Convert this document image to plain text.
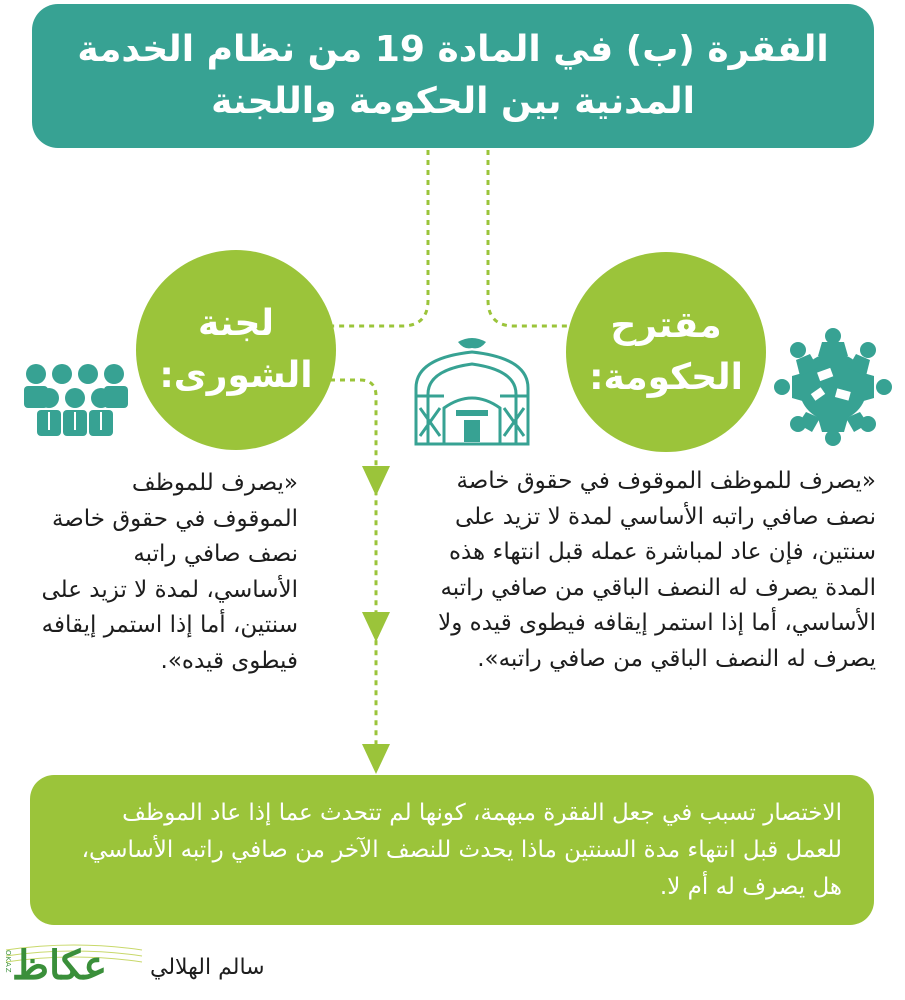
الفقرة (ب) في المادة 19 من نظام الخدمة
المدنية بين الحكومة واللجنة
مقترح
الحكومة:
لجنة
الشورى:
«يصرف للموظف الموقوف في حقوق خاصة نصف صافي راتبه الأساسي لمدة لا تزيد على سنتين، فإن عاد لمباشرة عمله قبل انتهاء هذه المدة يصرف له النصف الباقي من صافي راتبه الأساسي، أما إذا استمر إيقافه فيطوى قيده ولا يصرف له النصف الباقي من صافي راتبه».
«يصرف للموظف الموقوف في حقوق خاصة نصف صافي راتبه الأساسي، لمدة لا تزيد على سنتين، أما إذا استمر إيقافه فيطوى قيده».
الاختصار تسبب في جعل الفقرة مبهمة، كونها لم تتحدث عما إذا عاد الموظف للعمل قبل انتهاء مدة السنتين ماذا يحدث للنصف الآخر من صافي راتبه الأساسي، هل يصرف له أم لا.
سالم الهلالي
عكاظ
OKAZ
